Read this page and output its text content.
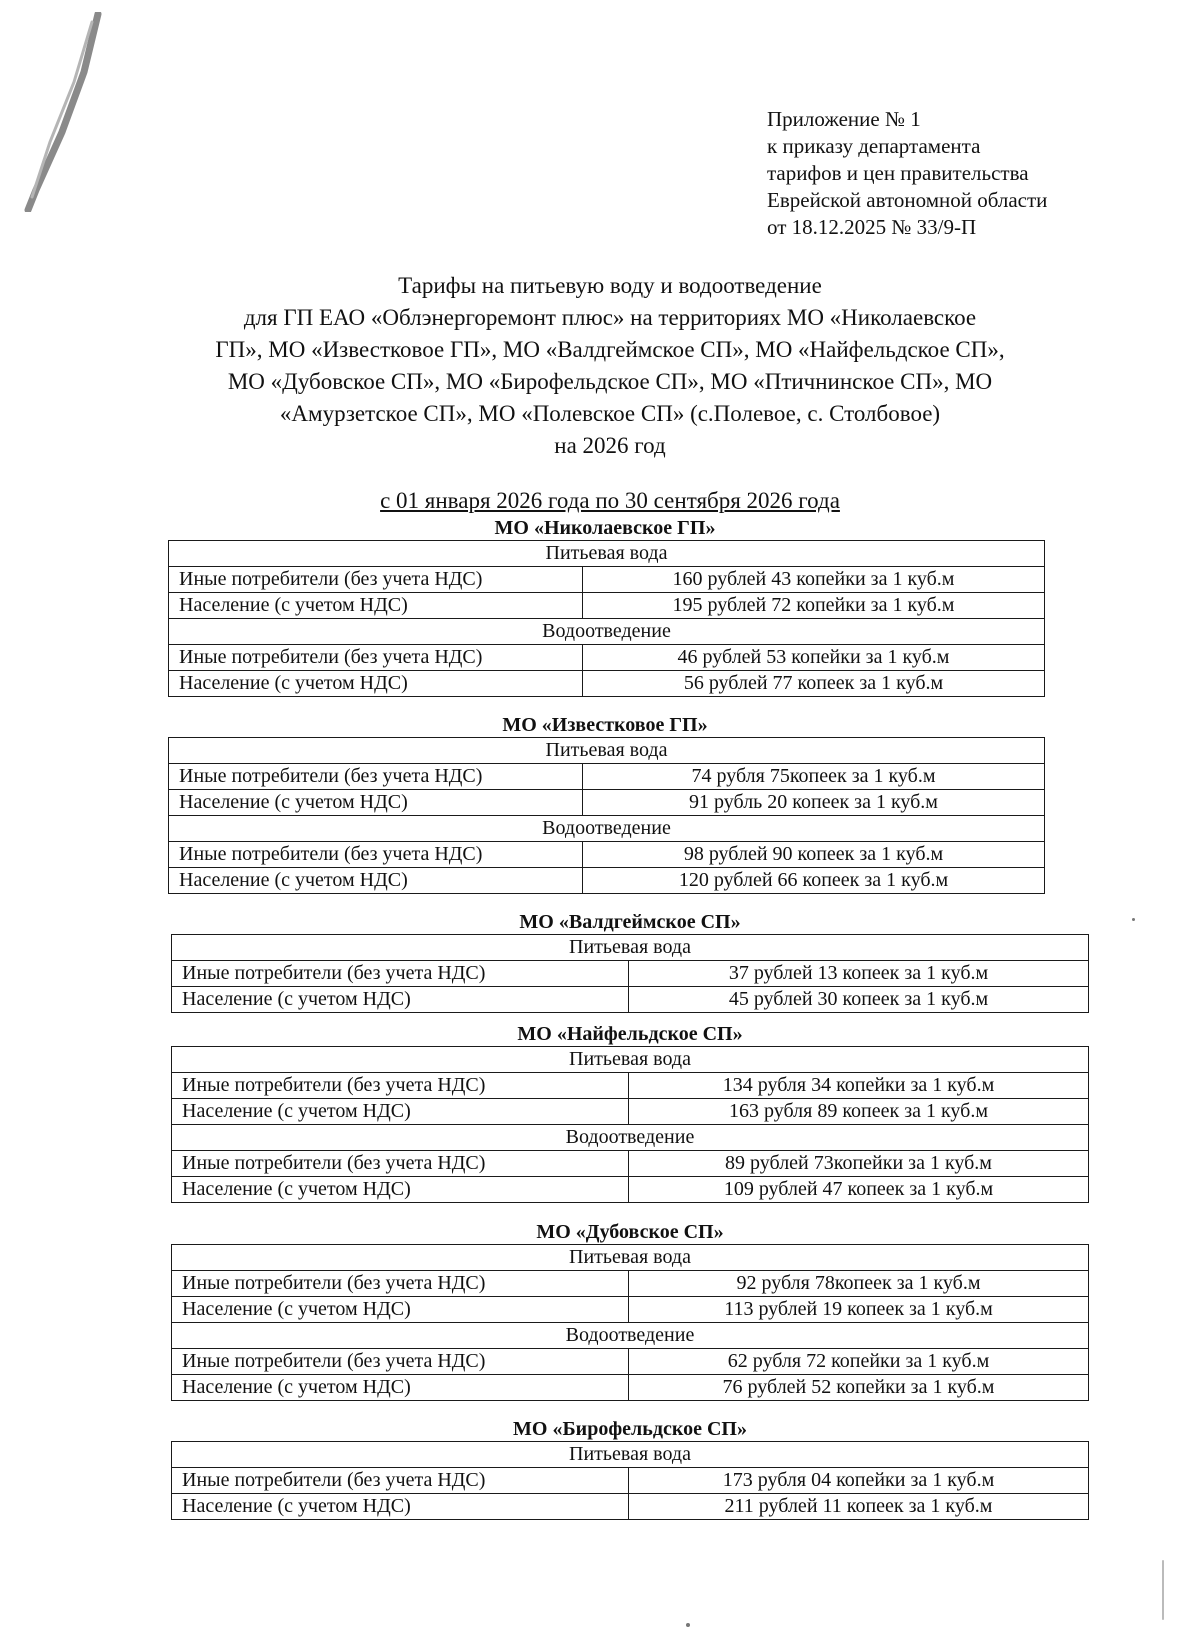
Приложение № 1
к приказу департамента
тарифов и цен правительства
Еврейской автономной области
от 18.12.2025 № 33/9-П
Тарифы на питьевую воду и водоотведение
для ГП ЕАО «Облэнергоремонт плюс» на территориях МО «Николаевское
ГП», МО «Известковое ГП», МО «Валдгеймское СП», МО «Найфельдское СП»,
МО «Дубовское СП», МО «Бирофельдское СП», МО «Птичнинское СП», МО
«Амурзетское СП», МО «Полевское СП» (с.Полевое, с. Столбовое)
на 2026 год
с 01 января 2026 года по 30 сентября 2026 года
МО «Николаевское ГП»
Питьевая вода	
Иные потребители (без учета НДС)	160 рублей 43 копейки за 1 куб.м
Население (с учетом НДС)	195 рублей 72 копейки за 1 куб.м
Водоотведение	
Иные потребители (без учета НДС)	46 рублей 53 копейки за 1 куб.м
Население (с учетом НДС)	56 рублей 77 копеек за 1 куб.м
МО «Известковое ГП»
Питьевая вода	
Иные потребители (без учета НДС)	74 рубля 75копеек за 1 куб.м
Население (с учетом НДС)	91 рубль 20 копеек за 1 куб.м
Водоотведение	
Иные потребители (без учета НДС)	98 рублей 90 копеек за 1 куб.м
Население (с учетом НДС)	120 рублей 66 копеек за 1 куб.м
МО «Валдгеймское СП»
Питьевая вода	
Иные потребители (без учета НДС)	37 рублей 13 копеек за 1 куб.м
Население (с учетом НДС)	45 рублей 30 копеек за 1 куб.м
МО «Найфельдское СП»
Питьевая вода	
Иные потребители (без учета НДС)	134 рубля 34 копейки за 1 куб.м
Население (с учетом НДС)	163 рубля 89 копеек за 1 куб.м
Водоотведение	
Иные потребители (без учета НДС)	89 рублей 73копейки за 1 куб.м
Население (с учетом НДС)	109 рублей 47 копеек за 1 куб.м
МО «Дубовское СП»
Питьевая вода	
Иные потребители (без учета НДС)	92 рубля 78копеек за 1 куб.м
Население (с учетом НДС)	113 рублей 19 копеек за 1 куб.м
Водоотведение	
Иные потребители (без учета НДС)	62 рубля 72 копейки за 1 куб.м
Население (с учетом НДС)	76 рублей 52 копейки за 1 куб.м
МО «Бирофельдское СП»
Питьевая вода	
Иные потребители (без учета НДС)	173 рубля 04 копейки за 1 куб.м
Население (с учетом НДС)	211 рублей 11 копеек за 1 куб.м
